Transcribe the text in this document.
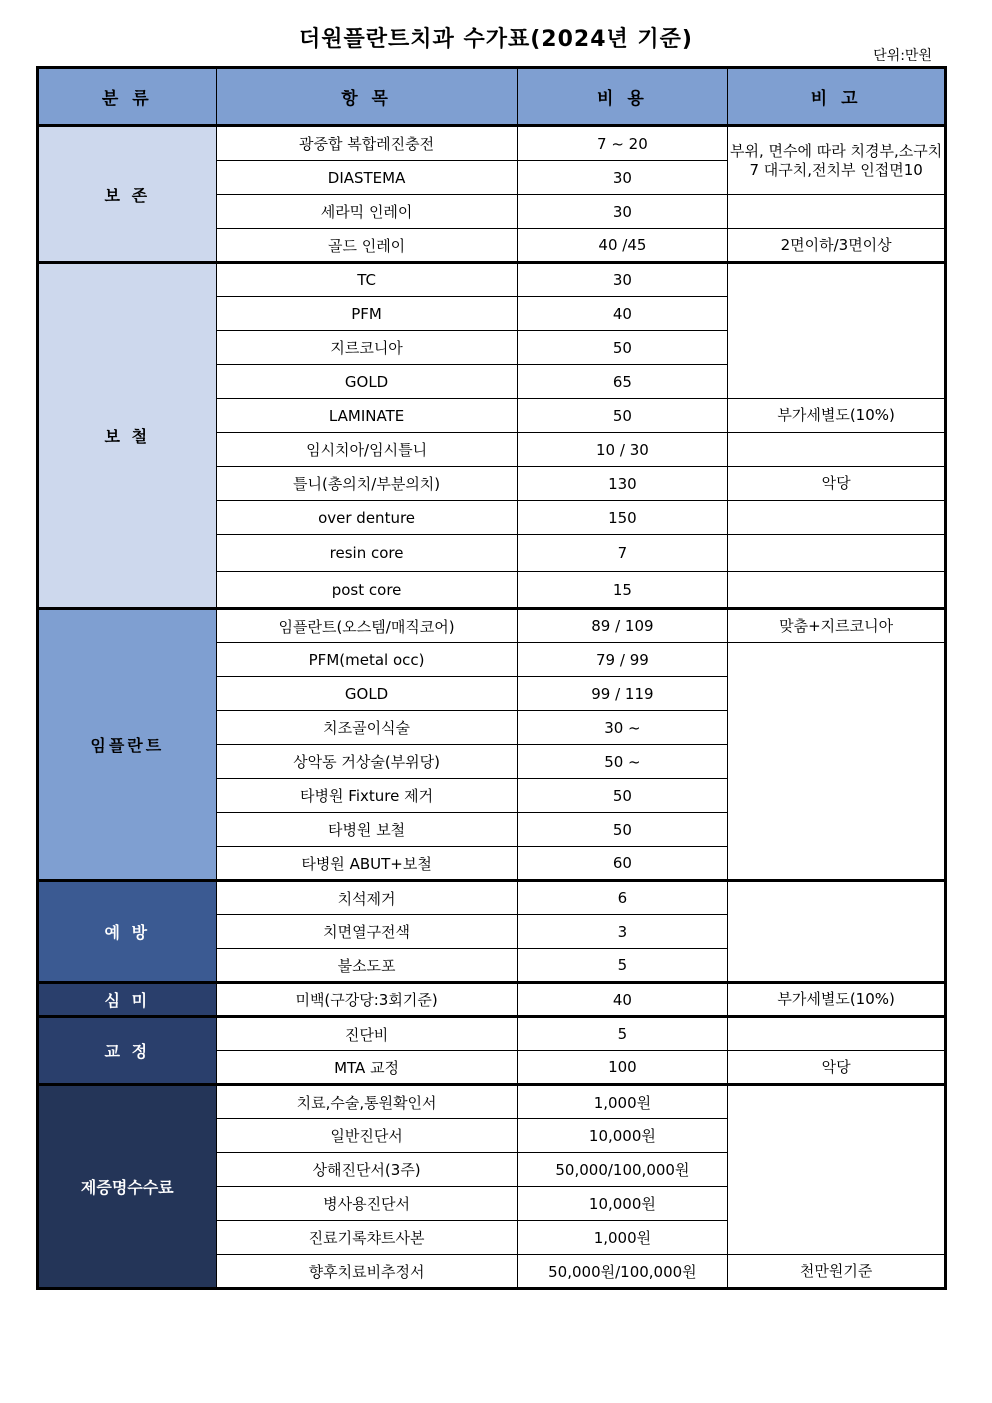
더원플란트치과 수가표(2024년 기준)
단위:만원
분 류	항 목	비 용	비 고
보 존	광중합 복합레진충전	7 ~ 20	부위, 면수에 따라 치경부,소구치7 대구치,전치부 인접면10
	DIASTEMA	30	
	세라믹 인레이	30	
	골드 인레이	40 /45	2면이하/3면이상
보 철	TC	30	
	PFM	40	
	지르코니아	50	
	GOLD	65	
	LAMINATE	50	부가세별도(10%)
	임시치아/임시틀니	10 / 30	
	틀니(총의치/부분의치)	130	악당
	over denture	150	
	resin core	7	
	post core	15	
임플란트	임플란트(오스템/매직코어)	89 / 109	맞춤+지르코니아
	PFM(metal occ)	79 / 99	
	GOLD	99 / 119	
	치조골이식술	30 ~	
	상악동 거상술(부위당)	50 ~	
	타병원 Fixture 제거	50	
	타병원 보철	50	
	타병원 ABUT+보철	60	
예 방	치석제거	6	
	치면열구전색	3	
	불소도포	5	
심 미	미백(구강당:3회기준)	40	부가세별도(10%)
교 정	진단비	5	
	MTA 교정	100	악당
제증명수수료	치료,수술,통원확인서	1,000원	
	일반진단서	10,000원	
	상해진단서(3주)	50,000/100,000원	
	병사용진단서	10,000원	
	진료기록챠트사본	1,000원	
	향후치료비추정서	50,000원/100,000원	천만원기준
